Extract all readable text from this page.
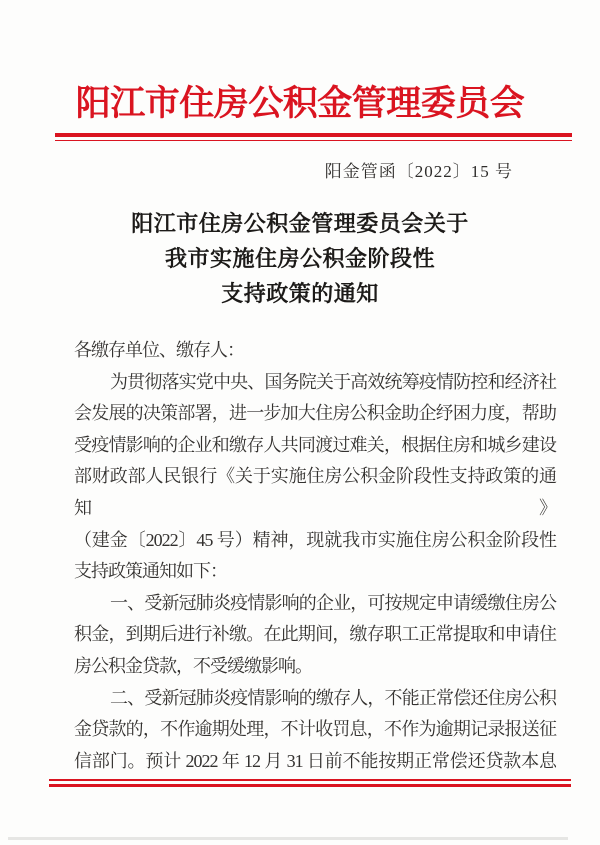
阳江市住房公积金管理委员会
阳金管函〔2022〕15 号
阳江市住房公积金管理委员会关于
我市实施住房公积金阶段性
支持政策的通知
各缴存单位、缴存人：
为贯彻落实党中央、国务院关于高效统筹疫情防控和经济社
会发展的决策部署，进一步加大住房公积金助企纾困力度，帮助
受疫情影响的企业和缴存人共同渡过难关，根据住房和城乡建设
部财政部人民银行《关于实施住房公积金阶段性支持政策的通知》
（建金〔2022〕45 号）精神，现就我市实施住房公积金阶段性
支持政策通知如下：
一、受新冠肺炎疫情影响的企业，可按规定申请缓缴住房公
积金，到期后进行补缴。在此期间，缴存职工正常提取和申请住
房公积金贷款，不受缓缴影响。
二、受新冠肺炎疫情影响的缴存人，不能正常偿还住房公积
金贷款的，不作逾期处理，不计收罚息，不作为逾期记录报送征
信部门。预计 2022 年 12 月 31 日前不能按期正常偿还贷款本息
